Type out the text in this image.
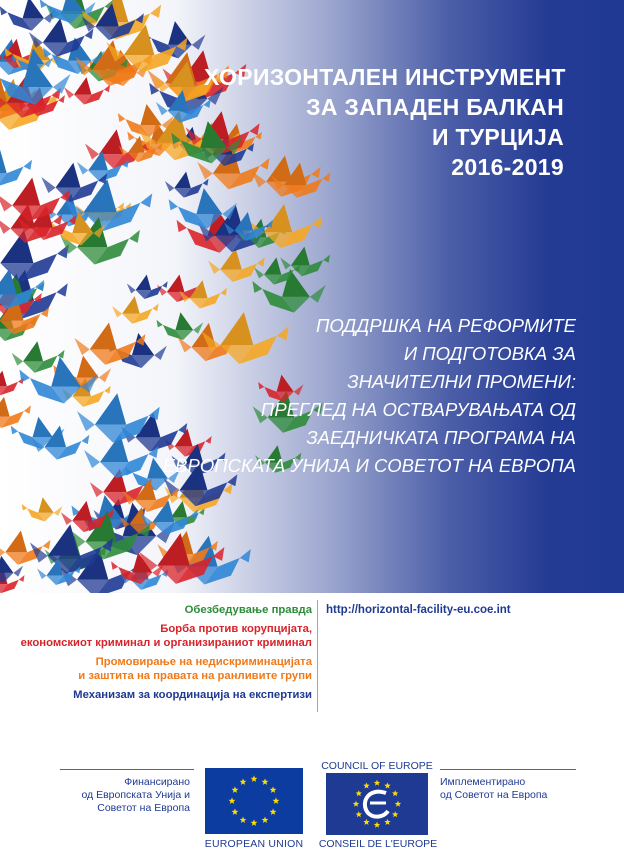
ХОРИЗОНТАЛЕН ИНСТРУМЕНТ
ЗА ЗАПАДЕН БАЛКАН
И ТУРЦИЈА
2016-2019
ПОДДРШКА НА РЕФОРМИТЕ
И ПОДГОТОВКА ЗА
ЗНАЧИТЕЛНИ ПРОМЕНИ:
ПРЕГЛЕД НА ОСТВАРУВАЊАТА ОД
ЗАЕДНИЧКАТА ПРОГРАМА НА
ЕВРОПСКАТА УНИЈА И СОВЕТОТ НА ЕВРОПА
Обезбедување правда
Борба против корупцијата,
економскиот криминал и организираниот криминал
Промовирање на недискриминацијата
и заштита на правата на ранливите групи
Механизам за координација на експертизи
http://horizontal-facility-eu.coe.int
Финансирано
од Европската Унија и
Советот на Европа
EUROPEAN UNION
COUNCIL OF EUROPE
CONSEIL DE L'EUROPE
Имплементирано
од Советот на Европа
